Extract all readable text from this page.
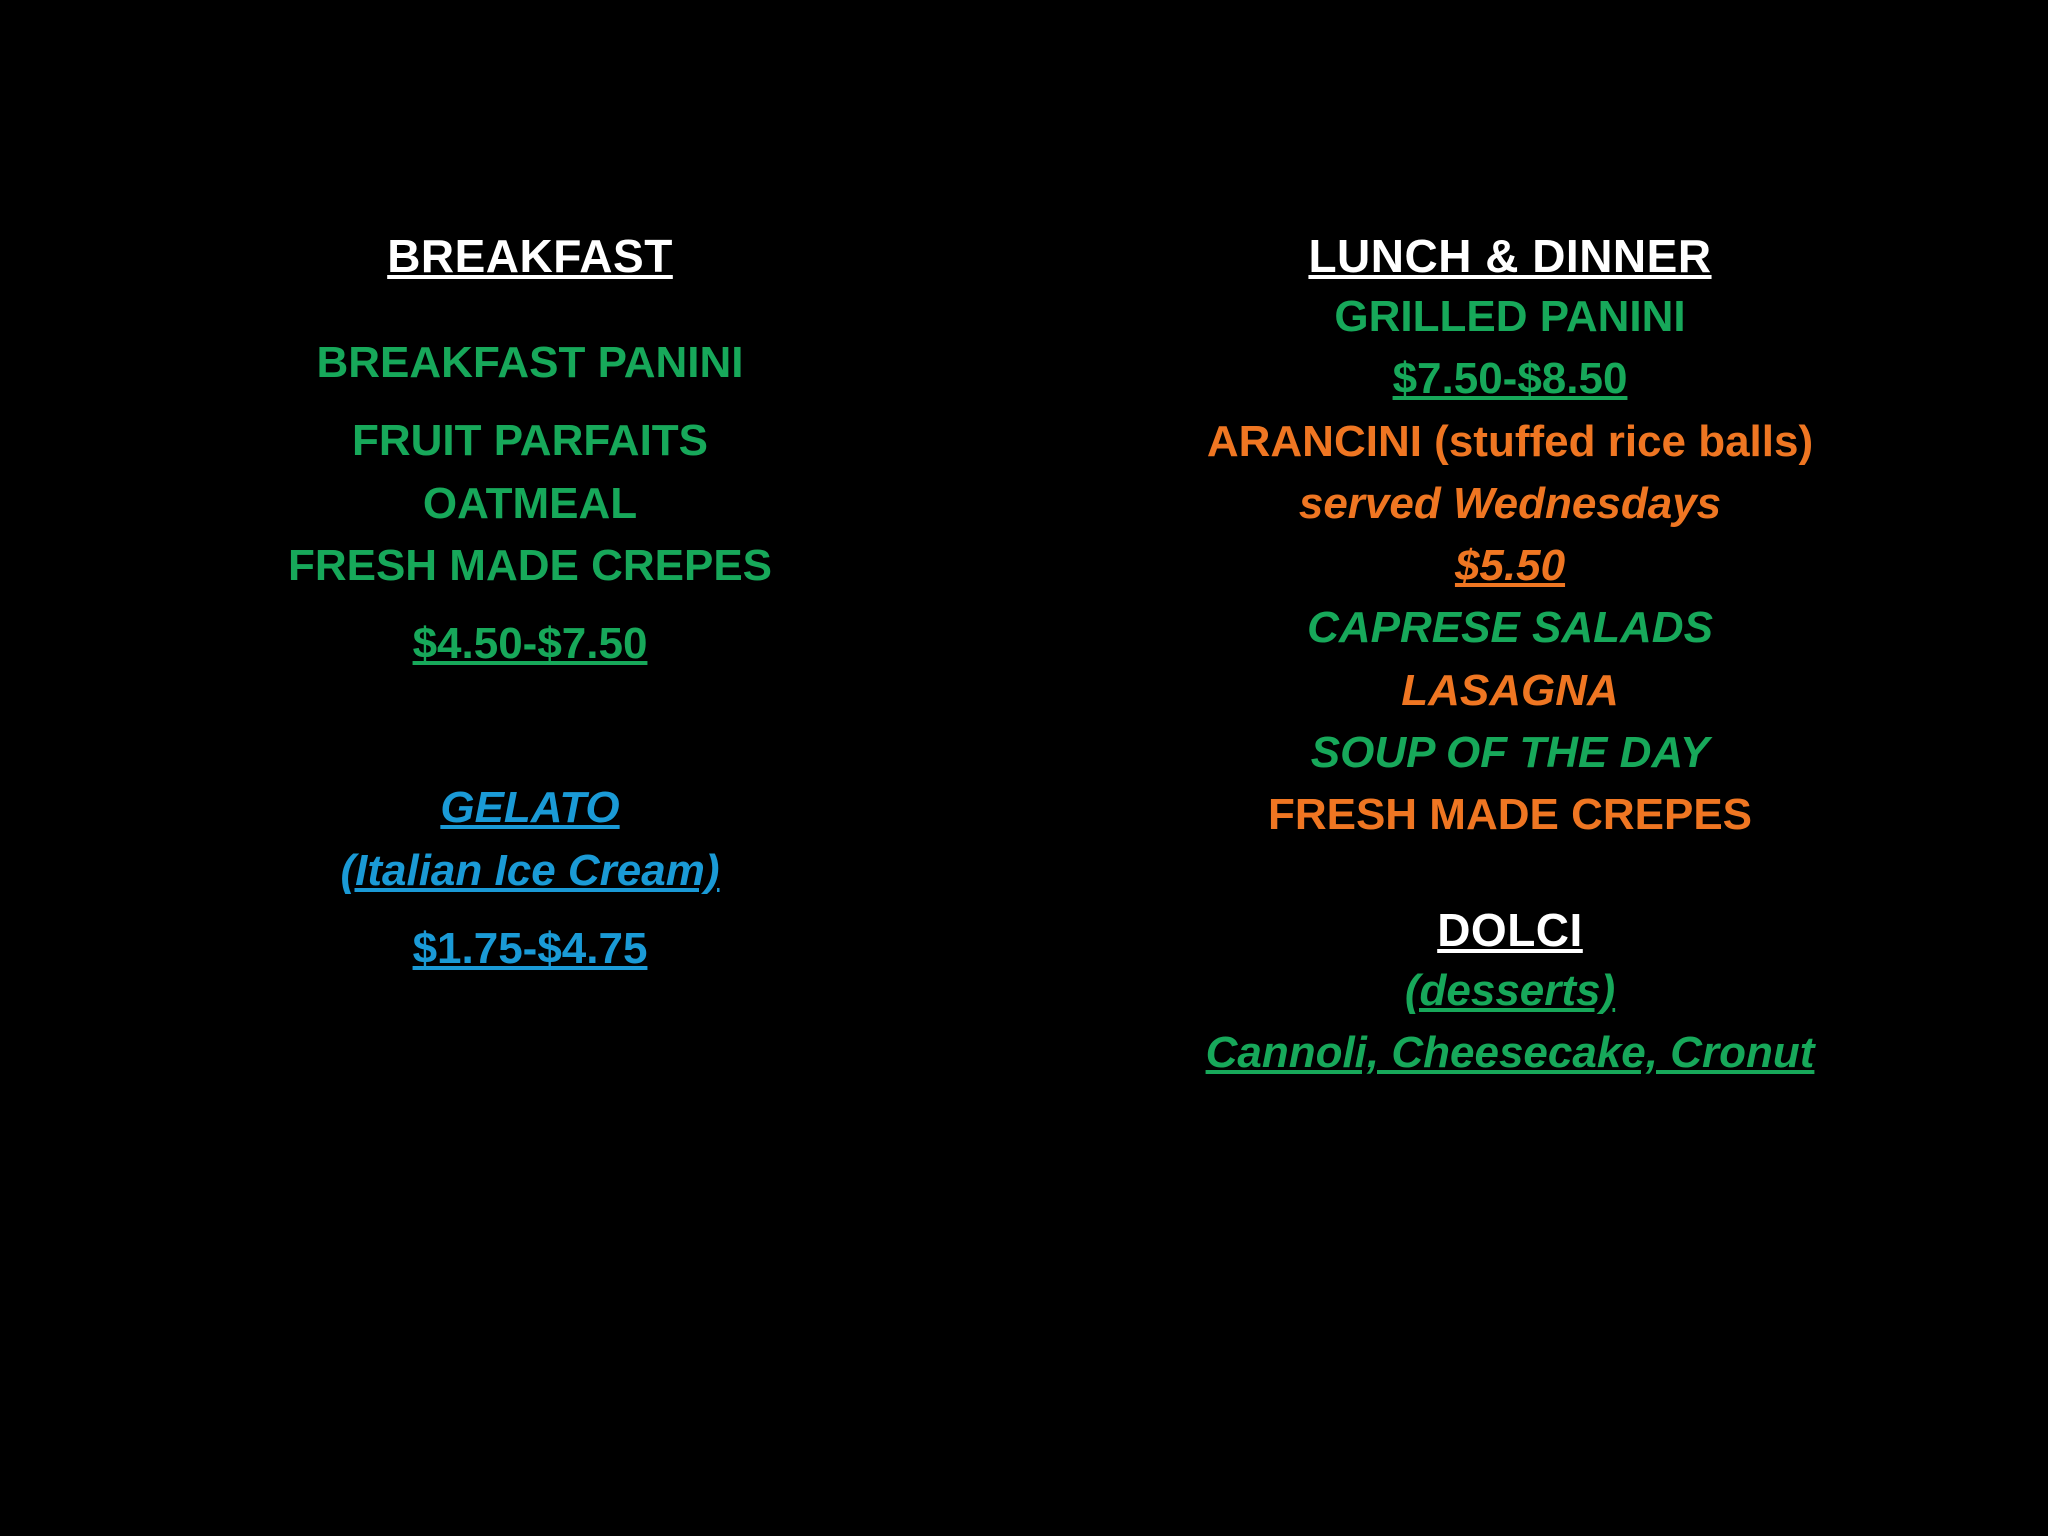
BREAKFAST
BREAKFAST PANINI
FRUIT PARFAITS
OATMEAL
FRESH MADE CREPES
$4.50-$7.50
GELATO
(Italian Ice Cream)
$1.75-$4.75
LUNCH & DINNER
GRILLED PANINI
$7.50-$8.50
ARANCINI (stuffed rice balls)
served Wednesdays
$5.50
CAPRESE SALADS
LASAGNA
SOUP OF THE DAY
FRESH MADE CREPES
DOLCI
(desserts)
Cannoli, Cheesecake, Cronut
